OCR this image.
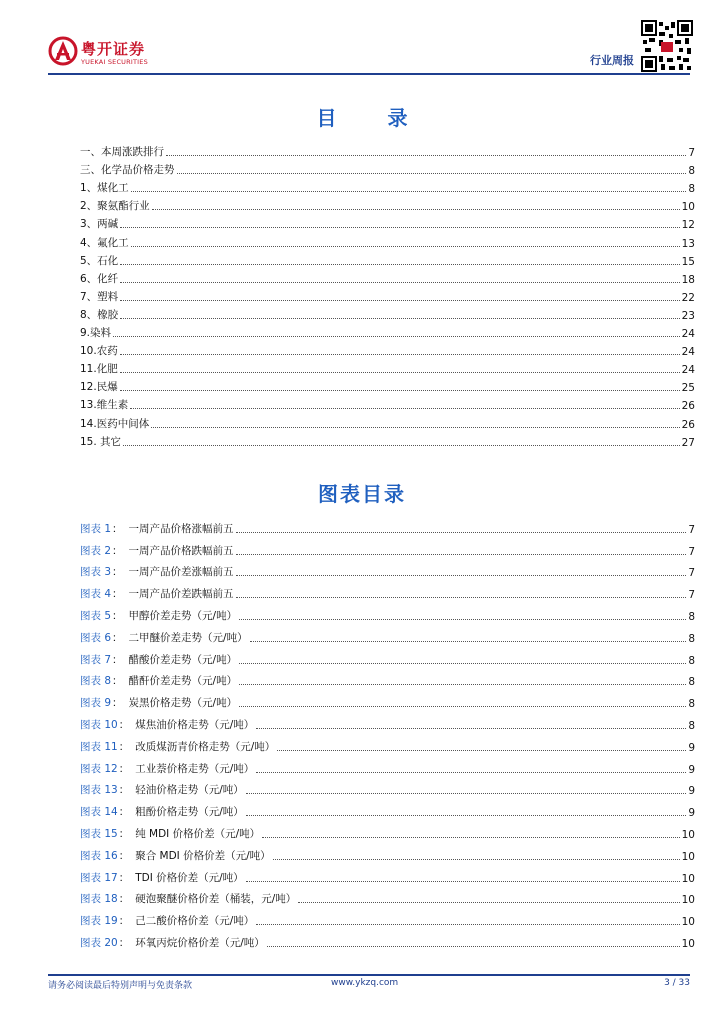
粤开证券
YUEKAI SECURITIES	行业周报
目 录
一、本周涨跌排行	7
三、化学品价格走势	8
1、煤化工	8
2、聚氨酯行业	10
3、两碱	12
4、氟化工	13
5、石化	15
6、化纤	18
7、塑料	22
8、橡胶	23
9.染料	24
10.农药	24
11.化肥	24
12.民爆	25
13.维生素	26
14.医药中间体	26
15. 其它	27
图表目录
图表 1 ： 一周产品价格涨幅前五	7
图表 2 ： 一周产品价格跌幅前五	7
图表 3 ： 一周产品价差涨幅前五	7
图表 4 ： 一周产品价差跌幅前五	7
图表 5 ： 甲醇价差走势（元/吨）	8
图表 6 ： 二甲醚价差走势（元/吨）	8
图表 7 ： 醋酸价差走势（元/吨）	8
图表 8 ： 醋酐价差走势（元/吨）	8
图表 9 ： 炭黑价格走势（元/吨）	8
图表 10 ： 煤焦油价格走势（元/吨）	8
图表 11 ： 改质煤沥青价格走势（元/吨）	9
图表 12 ： 工业萘价格走势（元/吨）	9
图表 13 ： 轻油价格走势（元/吨）	9
图表 14 ： 粗酚价格走势（元/吨）	9
图表 15 ： 纯 MDI 价格价差（元/吨）	10
图表 16 ： 聚合 MDI 价格价差（元/吨）	10
图表 17 ： TDI 价格价差（元/吨）	10
图表 18 ： 硬泡聚醚价格价差（桶装，元/吨）	10
图表 19 ： 己二酸价格价差（元/吨）	10
图表 20 ： 环氧丙烷价格价差（元/吨）	10
请务必阅读最后特别声明与免责条款	www.ykzq.com	3 / 33
